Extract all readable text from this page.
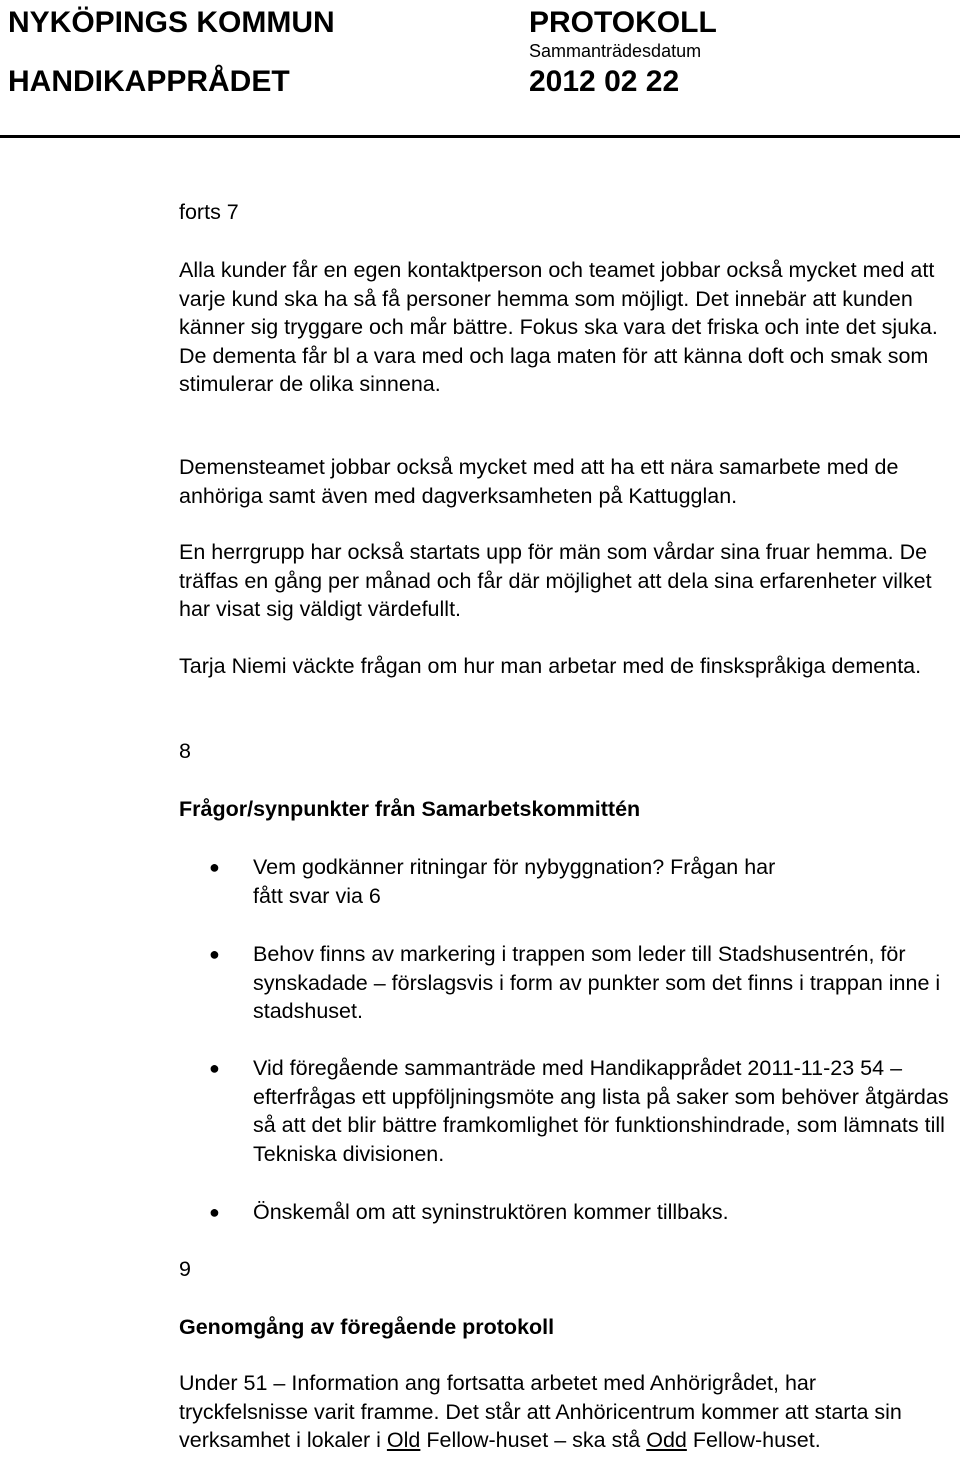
NYKÖPINGS KOMMUN
HANDIKAPPRÅDET
PROTOKOLL
Sammanträdesdatum
2012 02 22

forts 7

Alla kunder får en egen kontaktperson och teamet jobbar också mycket med att varje kund ska ha så få personer hemma som möjligt. Det innebär att kunden känner sig tryggare och mår bättre. Fokus ska vara det friska och inte det sjuka. De dementa får bl a vara med och laga maten för att känna doft och smak som stimulerar de olika sinnena.

Demensteamet jobbar också mycket med att ha ett nära samarbete med de anhöriga samt även med dagverksamheten på Kattugglan.

En herrgrupp har också startats upp för män som vårdar sina fruar hemma. De träffas en gång per månad och får där möjlighet att dela sina erfarenheter vilket har visat sig väldigt värdefullt.

Tarja Niemi väckte frågan om hur man arbetar med de finskspråkiga dementa.

8

Frågor/synpunkter från Samarbetskommittén

● Vem godkänner ritningar för nybyggnation? Frågan har fått svar via 6
● Behov finns av markering i trappen som leder till Stadshusentrén, för synskadade – förslagsvis i form av punkter som det finns i trappan inne i stadshuset.
● Vid föregående sammanträde med Handikapprådet 2011-11-23 54 – efterfrågas ett uppföljningsmöte ang lista på saker som behöver åtgärdas så att det blir bättre framkomlighet för funktionshindrade, som lämnats till Tekniska divisionen.
● Önskemål om att syninstruktören kommer tillbaks.

9

Genomgång av föregående protokoll

Under 51 – Information ang fortsatta arbetet med Anhörigrådet, har tryckfelsnisse varit framme. Det står att Anhöricentrum kommer att starta sin verksamhet i lokaler i Old Fellow-huset – ska stå Odd Fellow-huset.
